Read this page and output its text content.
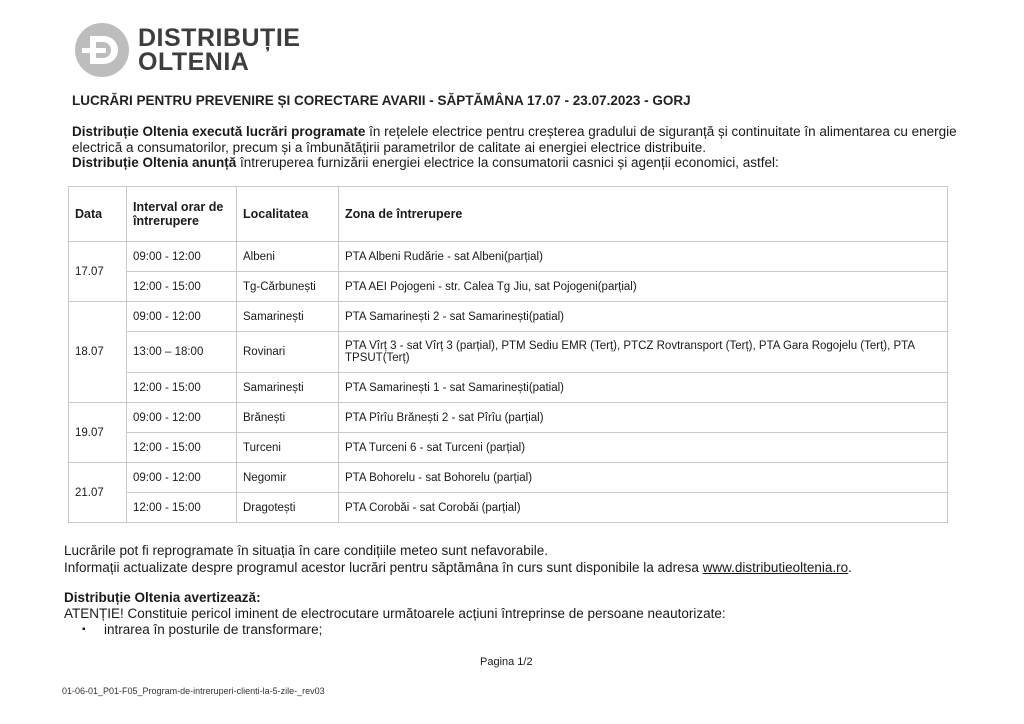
DISTRIBUȚIE
OLTENIA
LUCRĂRI PENTRU PREVENIRE ȘI CORECTARE AVARII - SĂPTĂMÂNA 17.07 - 23.07.2023 - GORJ
Distribuție Oltenia execută lucrări programate în rețelele electrice pentru creșterea gradului de siguranță și continuitate în alimentarea cu energie electrică a consumatorilor, precum și a îmbunătățirii parametrilor de calitate ai energiei electrice distribuite.
Distribuție Oltenia anunță întreruperea furnizării energiei electrice la consumatorii casnici și agenții economici, astfel:
Data	Interval orar de întrerupere	Localitatea	Zona de întrerupere
17.07	09:00 - 12:00	Albeni	PTA Albeni Rudărie - sat Albeni(parțial)
	12:00 - 15:00	Tg-Cărbunești	PTA AEI Pojogeni - str. Calea Tg Jiu, sat Pojogeni(parțial)
18.07	09:00 - 12:00	Samarinești	PTA Samarinești 2 - sat Samarinești(patial)
	13:00 – 18:00	Rovinari	PTA Vîrț 3 - sat Vîrț 3 (parțial), PTM Sediu EMR (Terț), PTCZ Rovtransport (Terț), PTA Gara Rogojelu (Terț), PTA TPSUT(Terț)
	12:00 - 15:00	Samarinești	PTA Samarinești 1 - sat Samarinești(patial)
19.07	09:00 - 12:00	Brănești	PTA Pîrîu Brănești 2 - sat Pîrîu (parțial)
	12:00 - 15:00	Turceni	PTA Turceni 6 - sat Turceni (parțial)
21.07	09:00 - 12:00	Negomir	PTA Bohorelu - sat Bohorelu (parțial)
	12:00 - 15:00	Dragotești	PTA Corobăi - sat Corobăi (parțial)
Lucrările pot fi reprogramate în situația în care condițiile meteo sunt nefavorabile.
Informații actualizate despre programul acestor lucrări pentru săptămâna în curs sunt disponibile la adresa www.distributieoltenia.ro.
Distribuție Oltenia avertizează:
ATENȚIE! Constituie pericol iminent de electrocutare următoarele acțiuni întreprinse de persoane neautorizate:
▪ intrarea în posturile de transformare;
Pagina 1/2
01-06-01_P01-F05_Program-de-intreruperi-clienti-la-5-zile-_rev03
